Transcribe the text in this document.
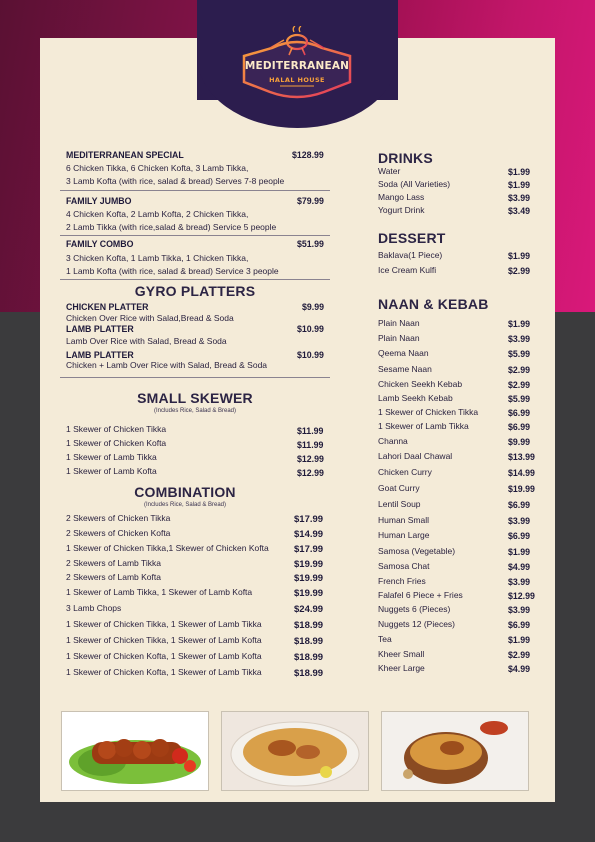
MEDITERRANEAN
HALAL HOUSE
MEDITERRANEAN SPECIAL	$128.99
6 Chicken Tikka, 6 Chicken Kofta, 3 Lamb Tikka,
3 Lamb Kofta (with rice, salad & bread) Serves 7-8 people
FAMILY JUMBO	$79.99
4 Chicken Kofta, 2 Lamb Kofta, 2 Chicken Tikka,
2 Lamb Tikka (with rice,salad & bread) Service 5 people
FAMILY COMBO	$51.99
3 Chicken Kofta, 1 Lamb Tikka, 1 Chicken Tikka,
1 Lamb Kofta (with rice, salad & bread) Service 3 people
GYRO PLATTERS
CHICKEN PLATTER	$9.99
Chicken Over Rice with Salad,Bread & Soda
LAMB PLATTER	$10.99
Lamb Over Rice with Salad, Bread & Soda
LAMB PLATTER	$10.99
Chicken + Lamb Over Rice with Salad, Bread & Soda
SMALL SKEWER
(Includes Rice, Salad & Bread)
1 Skewer of Chicken Tikka	$11.99
1 Skewer of Chicken Kofta	$11.99
1 Skewer of Lamb Tikka	$12.99
1 Skewer of Lamb Kofta	$12.99
COMBINATION
(Includes Rice, Salad & Bread)
2 Skewers of Chicken Tikka	$17.99
2 Skewers of Chicken Kofta	$14.99
1 Skewer of Chicken Tikka,1 Skewer of Chicken Kofta	$17.99
2 Skewers of Lamb Tikka	$19.99
2 Skewers of Lamb Kofta	$19.99
1 Skewer of Lamb Tikka, 1 Skewer of Lamb Kofta	$19.99
3 Lamb Chops	$24.99
1 Skewer of Chicken Tikka, 1 Skewer of Lamb Tikka	$18.99
1 Skewer of Chicken Tikka, 1 Skewer of Lamb Kofta	$18.99
1 Skewer of Chicken Kofta, 1 Skewer of Lamb Kofta	$18.99
1 Skewer of Chicken Kofta, 1 Skewer of Lamb Tikka	$18.99
DRINKS
Water	$1.99
Soda (All Varieties)	$1.99
Mango Lass	$3.99
Yogurt Drink	$3.49
DESSERT
Baklava(1 Piece)	$1.99
Ice Cream Kulfi	$2.99
NAAN & KEBAB
Plain Naan	$1.99
Plain Naan	$3.99
Qeema Naan	$5.99
Sesame Naan	$2.99
Chicken Seekh Kebab	$2.99
Lamb Seekh Kebab	$5.99
1 Skewer of Chicken Tikka	$6.99
1 Skewer of Lamb Tikka	$6.99
Channa	$9.99
Lahori Daal Chawal	$13.99
Chicken Curry	$14.99
Goat Curry	$19.99
Lentil Soup	$6.99
Human Small	$3.99
Human Large	$6.99
Samosa (Vegetable)	$1.99
Samosa Chat	$4.99
French Fries	$3.99
Falafel 6 Piece + Fries	$12.99
Nuggets 6 (Pieces)	$3.99
Nuggets 12 (Pieces)	$6.99
Tea	$1.99
Kheer Small	$2.99
Kheer Large	$4.99
